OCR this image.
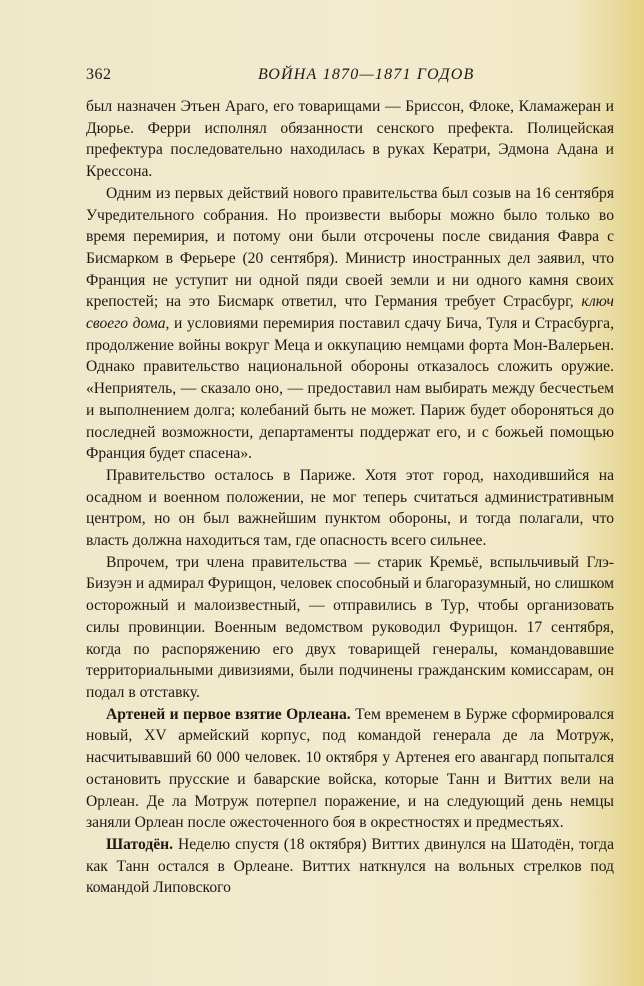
362	ВОЙНА 1870—1871 ГОДОВ

был назначен Этьен Араго, его товарищами — Бриссон, Флоке, Кламажеран и Дюрье. Ферри исполнял обязанности сенского префекта. Полицейская префектура последовательно находилась в руках Кератри, Эдмона Адана и Крессона.

Одним из первых действий нового правительства был созыв на 16 сентября Учредительного собрания. Но произвести выборы можно было только во время перемирия, и потому они были отсрочены после свидания Фавра с Бисмарком в Ферьере (20 сентября). Министр иностранных дел заявил, что Франция не уступит ни одной пяди своей земли и ни одного камня своих крепостей; на это Бисмарк ответил, что Германия требует Страсбург, ключ своего дома, и условиями перемирия поставил сдачу Бича, Туля и Страсбурга, продолжение войны вокруг Меца и оккупацию немцами форта Мон-Валерьен. Однако правительство национальной обороны отказалось сложить оружие. «Неприятель, — сказало оно, — предоставил нам выбирать между бесчестьем и выполнением долга; колебаний быть не может. Париж будет обороняться до последней возможности, департаменты поддержат его, и с божьей помощью Франция будет спасена».

Правительство осталось в Париже. Хотя этот город, находившийся на осадном и военном положении, не мог теперь считаться административным центром, но он был важнейшим пунктом обороны, и тогда полагали, что власть должна находиться там, где опасность всего сильнее.

Впрочем, три члена правительства — старик Кремьё, вспыльчивый Глэ-Бизуэн и адмирал Фурищон, человек способный и благоразумный, но слишком осторожный и малоизвестный, — отправились в Тур, чтобы организовать силы провинции. Военным ведомством руководил Фурищон. 17 сентября, когда по распоряжению его двух товарищей генералы, командовавшие территориальными дивизиями, были подчинены гражданским комиссарам, он подал в отставку.

Артеней и первое взятие Орлеана. Тем временем в Бурже сформировался новый, XV армейский корпус, под командой генерала де ла Мотруж, насчитывавший 60 000 человек. 10 октября у Артенея его авангард попытался остановить прусские и баварские войска, которые Танн и Виттих вели на Орлеан. Де ла Мотруж потерпел поражение, и на следующий день немцы заняли Орлеан после ожесточенного боя в окрестностях и предместьях.

Шатодён. Неделю спустя (18 октября) Виттих двинулся на Шатодён, тогда как Танн остался в Орлеане. Виттих наткнулся на вольных стрелков под командой Липовского
